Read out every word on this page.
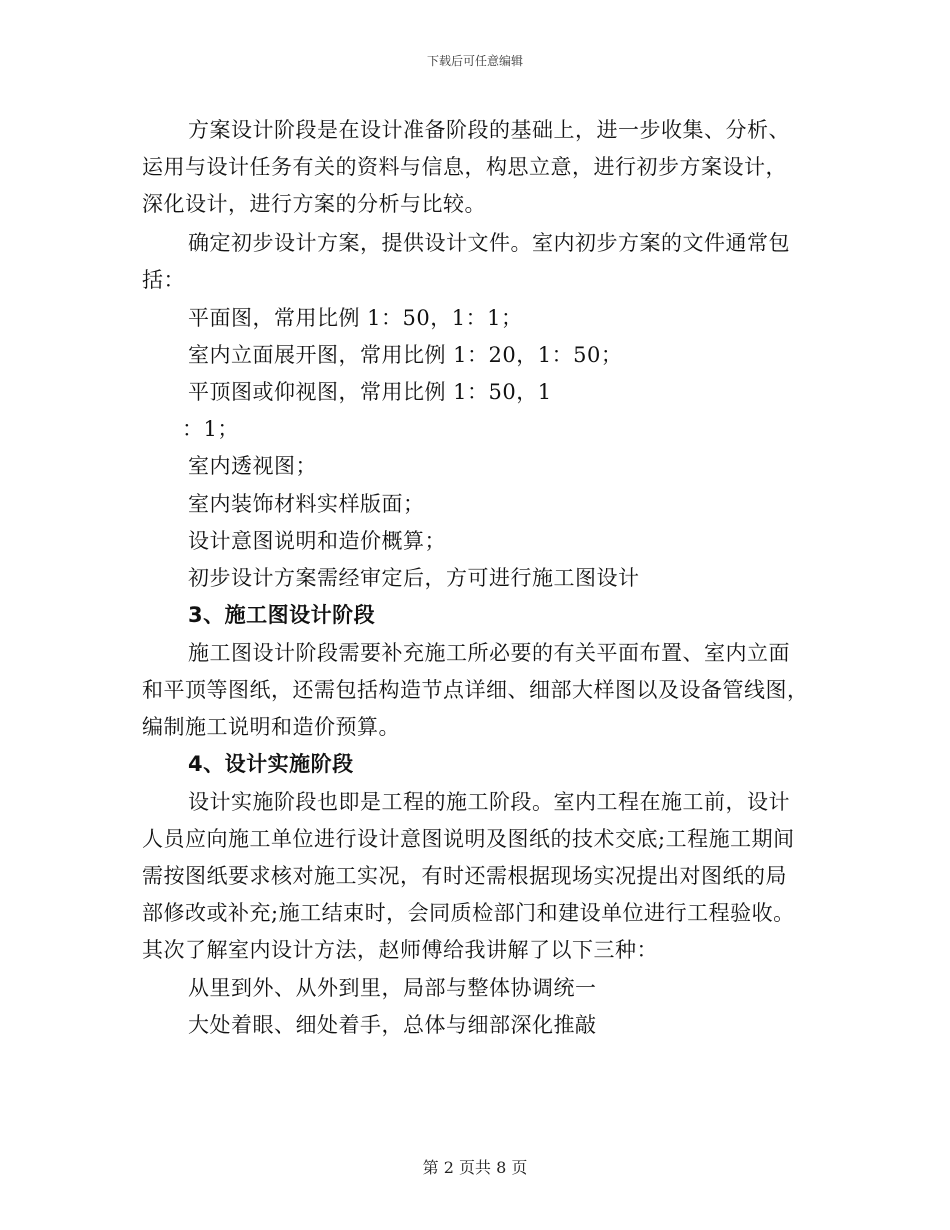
下载后可任意编辑
方案设计阶段是在设计准备阶段的基础上，进一步收集、分析、
运用与设计任务有关的资料与信息，构思立意，进行初步方案设计，
深化设计，进行方案的分析与比较。
确定初步设计方案，提供设计文件。室内初步方案的文件通常包
括：
平面图，常用比例 1：50，1：1；
室内立面展开图，常用比例 1：20，1：50；
平顶图或仰视图，常用比例 1：50，1
：1；
室内透视图；
室内装饰材料实样版面；
设计意图说明和造价概算；
初步设计方案需经审定后，方可进行施工图设计
3、施工图设计阶段
施工图设计阶段需要补充施工所必要的有关平面布置、室内立面
和平顶等图纸，还需包括构造节点详细、细部大样图以及设备管线图，
编制施工说明和造价预算。
4、设计实施阶段
设计实施阶段也即是工程的施工阶段。室内工程在施工前，设计
人员应向施工单位进行设计意图说明及图纸的技术交底;工程施工期间
需按图纸要求核对施工实况，有时还需根据现场实况提出对图纸的局
部修改或补充;施工结束时，会同质检部门和建设单位进行工程验收。
其次了解室内设计方法，赵师傅给我讲解了以下三种：
从里到外、从外到里，局部与整体协调统一
大处着眼、细处着手，总体与细部深化推敲
第 2 页共 8 页
